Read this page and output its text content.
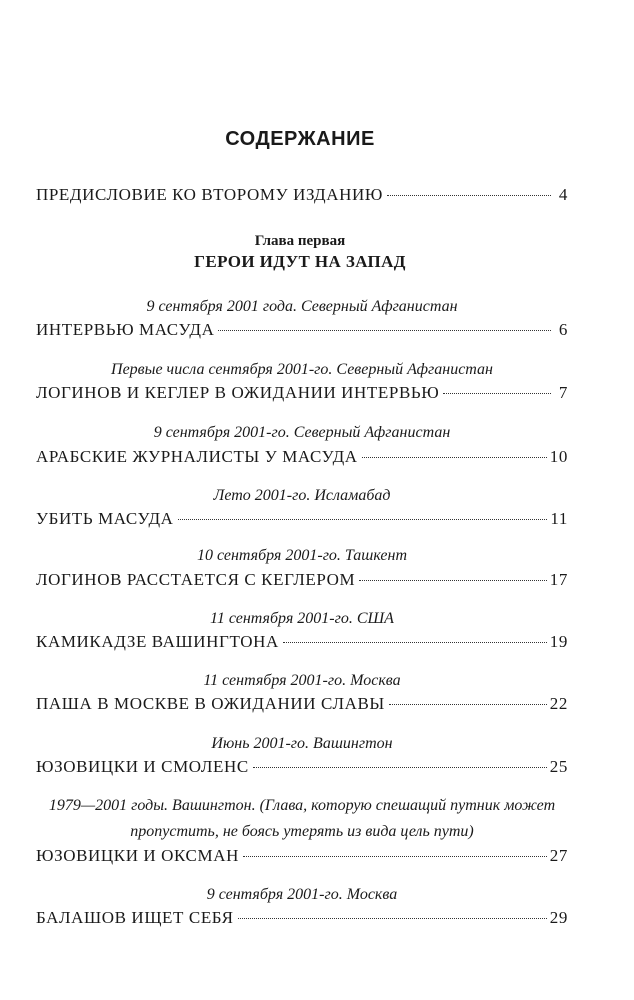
СОДЕРЖАНИЕ
ПРЕДИСЛОВИЕ КО ВТОРОМУ ИЗДАНИЮ	4
Глава первая
ГЕРОИ ИДУТ НА ЗАПАД

9 сентября 2001 года. Северный Афганистан

ИНТЕРВЬЮ МАСУДА	6

Первые числа сентября 2001-го. Северный Афганистан

ЛОГИНОВ И КЕГЛЕР В ОЖИДАНИИ ИНТЕРВЬЮ	7

9 сентября 2001-го. Северный Афганистан

АРАБСКИЕ ЖУРНАЛИСТЫ У МАСУДА	10

Лето 2001-го. Исламабад

УБИТЬ МАСУДА	11

10 сентября 2001-го. Ташкент

ЛОГИНОВ РАССТАЕТСЯ С КЕГЛЕРОМ	17

11 сентября 2001-го. США

КАМИКАДЗЕ ВАШИНГТОНА	19

11 сентября 2001-го. Москва

ПАША В МОСКВЕ В ОЖИДАНИИ СЛАВЫ	22

Июнь 2001-го. Вашингтон

ЮЗОВИЦКИ И СМОЛЕНС	25

1979—2001 годы. Вашингтон. (Глава, которую спешащий путник может

пропустить, не боясь утерять из вида цель пути)

ЮЗОВИЦКИ И ОКСМАН	27

9 сентября 2001-го. Москва

БАЛАШОВ ИЩЕТ СЕБЯ	29
